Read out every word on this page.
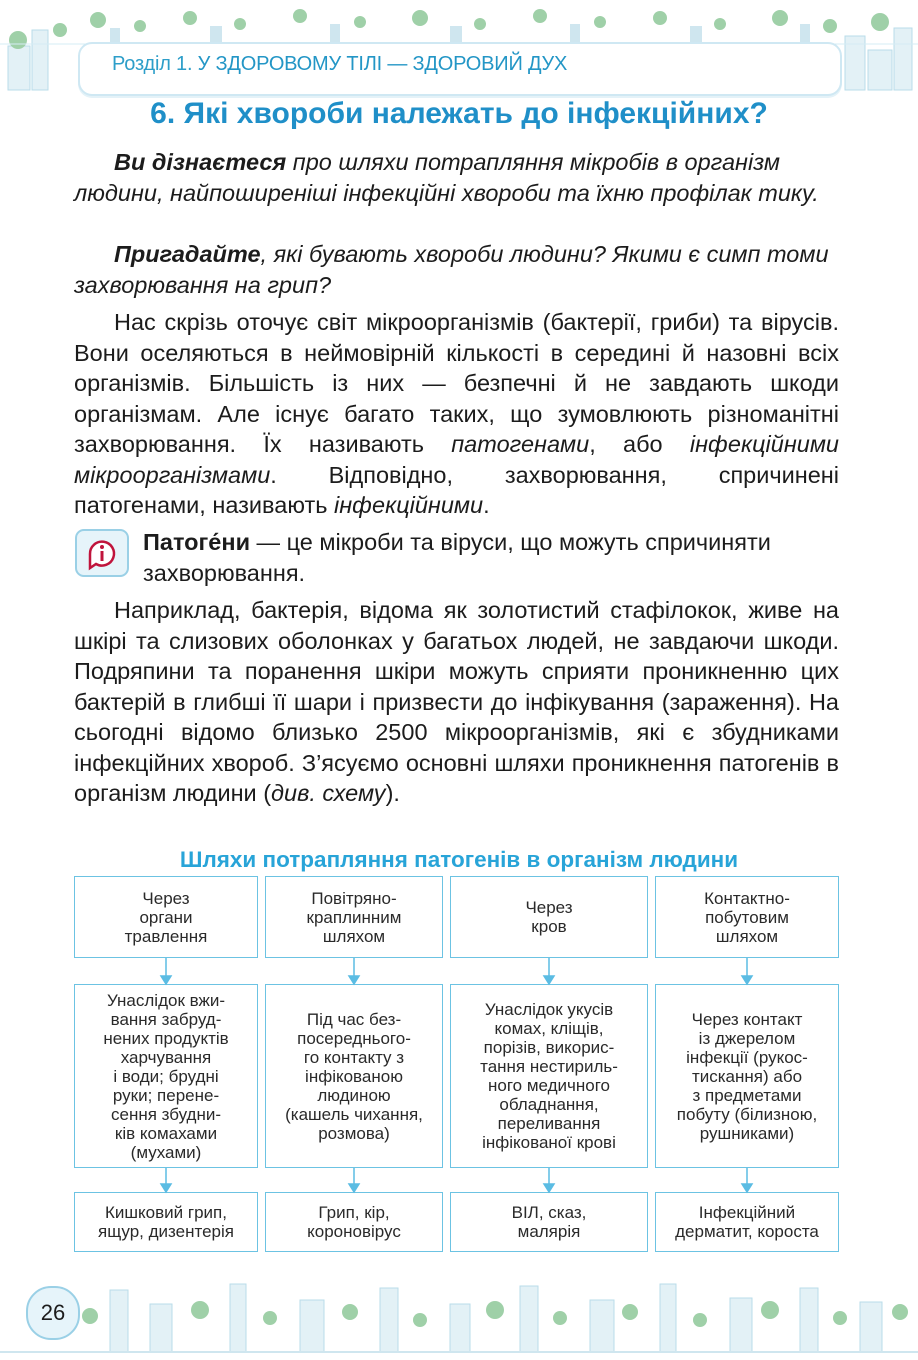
Розділ 1. У ЗДОРОВОМУ ТІЛІ — ЗДОРОВИЙ ДУХ
6. Які хвороби належать до інфекційних?

Ви дізнаєтеся про шляхи потрапляння мікробів в організм людини, найпоширеніші інфекційні хвороби та їхню профілак тику.

Пригадайте, які бувають хвороби людини? Якими є симп томи захворювання на грип?

Нас скрізь оточує світ мікроорганізмів (бактерії, гриби) та вірусів. Вони оселяються в неймовірній кількості в середині й назовні всіх організмів. Більшість із них — безпечні й не завдають шкоди організмам. Але існує багато таких, що зумовлюють різноманітні захворювання. Їх називають патогенами, або інфекційними мікроорганізмами. Відповідно, захворювання, спричинені патогенами, називають інфекційними.

Патоге́ни — це мікроби та віруси, що можуть спричиняти захворювання.

Наприклад, бактерія, відома як золотистий стафілокок, живе на шкірі та слизових оболонках у багатьох людей, не завдаючи шкоди. Подряпини та поранення шкіри можуть сприяти проникненню цих бактерій в глибші її шари і призвести до інфікування (зараження). На сьогодні відомо близько 2500 мікроорганізмів, які є збудниками інфекційних хвороб. З’ясуємо основні шляхи проникнення патогенів в організм людини (див. схему).

Шляхи потрапляння патогенів в організм людини
Через
органи
травлення
Повітряно-
краплинним
шляхом
Через
кров
Контактно-
побутовим
шляхом
Унаслідок вжи-
вання забруд-
нених продуктів
харчування
і води; брудні
руки; перене-
сення збудни-
ків комахами
(мухами)
Під час без-
посереднього-
го контакту з
інфікованою
людиною
(кашель чихання,
розмова)
Унаслідок укусів
комах, кліщів,
порізів, викорис-
тання нестириль-
ного медичного
обладнання,
переливання
інфікованої крові
Через контакт
із джерелом
інфекції (рукос-
тискання) або
з предметами
побуту (білизною,
рушниками)
Кишковий грип,
ящур, дизентерія
Грип, кір,
короновірус
ВІЛ, сказ,
малярія
Інфекційний
дерматит, короста
26
